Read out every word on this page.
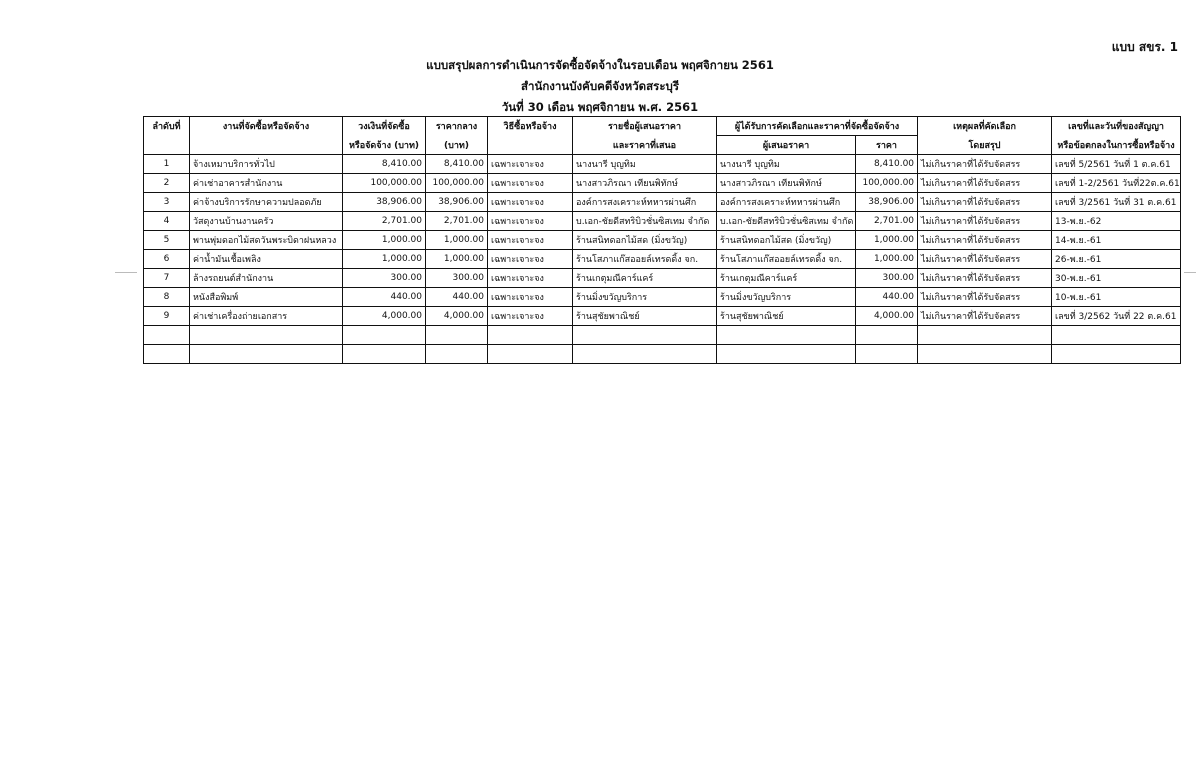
แบบ สขร. 1
แบบสรุปผลการดำเนินการจัดซื้อจัดจ้างในรอบเดือน พฤศจิกายน 2561
สำนักงานบังคับคดีจังหวัดสระบุรี
วันที่ 30 เดือน พฤศจิกายน พ.ศ. 2561
ลำดับที่	งานที่จัดซื้อหรือจัดจ้าง	วงเงินที่จัดซื้อ	ราคากลาง	วิธีซื้อหรือจ้าง	รายชื่อผู้เสนอราคา	ผู้ได้รับการคัดเลือกและราคาที่จัดซื้อจัดจ้าง		เหตุผลที่คัดเลือก	เลขที่และวันที่ของสัญญา
		หรือจัดจ้าง (บาท)	(บาท)		และราคาที่เสนอ	ผู้เสนอราคา	ราคา	โดยสรุป	หรือข้อตกลงในการซื้อหรือจ้าง
1	จ้างเหมาบริการทั่วไป	8,410.00	8,410.00	เฉพาะเจาะจง	นางนารี บุญทิม	นางนารี บุญทิม	8,410.00	ไม่เกินราคาที่ได้รับจัดสรร	เลขที่ 5/2561 วันที่ 1 ต.ค.61
2	ค่าเช่าอาคารสำนักงาน	100,000.00	100,000.00	เฉพาะเจาะจง	นางสาวภิรณา เทียนพิทักษ์	นางสาวภิรณา เทียนพิทักษ์	100,000.00	ไม่เกินราคาที่ได้รับจัดสรร	เลขที่ 1-2/2561 วันที่22ต.ค.61
3	ค่าจ้างบริการรักษาความปลอดภัย	38,906.00	38,906.00	เฉพาะเจาะจง	องค์การสงเคราะห์ทหารผ่านศึก	องค์การสงเคราะห์ทหารผ่านศึก	38,906.00	ไม่เกินราคาที่ได้รับจัดสรร	เลขที่ 3/2561 วันที่ 31 ต.ค.61
4	วัสดุงานบ้านงานครัว	2,701.00	2,701.00	เฉพาะเจาะจง	บ.เอก-ชัยดีสทริบิวชั่นซิสเทม จำกัด	บ.เอก-ชัยดีสทริบิวชั่นซิสเทม จำกัด	2,701.00	ไม่เกินราคาที่ได้รับจัดสรร	13-พ.ย.-62
5	พานพุ่มดอกไม้สดวันพระบิดาฝนหลวง	1,000.00	1,000.00	เฉพาะเจาะจง	ร้านสนิทดอกไม้สด (มิ่งขวัญ)	ร้านสนิทดอกไม้สด (มิ่งขวัญ)	1,000.00	ไม่เกินราคาที่ได้รับจัดสรร	14-พ.ย.-61
6	ค่าน้ำมันเชื้อเพลิง	1,000.00	1,000.00	เฉพาะเจาะจง	ร้านโสภาแก๊สออยล์เทรดดิ้ง จก.	ร้านโสภาแก๊สออยล์เทรดดิ้ง จก.	1,000.00	ไม่เกินราคาที่ได้รับจัดสรร	26-พ.ย.-61
7	ล้างรถยนต์สำนักงาน	300.00	300.00	เฉพาะเจาะจง	ร้านเกตุมณีคาร์แคร์	ร้านเกตุมณีคาร์แคร์	300.00	ไม่เกินราคาที่ได้รับจัดสรร	30-พ.ย.-61
8	หนังสือพิมพ์	440.00	440.00	เฉพาะเจาะจง	ร้านมิ่งขวัญบริการ	ร้านมิ่งขวัญบริการ	440.00	ไม่เกินราคาที่ได้รับจัดสรร	10-พ.ย.-61
9	ค่าเช่าเครื่องถ่ายเอกสาร	4,000.00	4,000.00	เฉพาะเจาะจง	ร้านสุชัยพาณิชย์	ร้านสุชัยพาณิชย์	4,000.00	ไม่เกินราคาที่ได้รับจัดสรร	เลขที่ 3/2562 วันที่ 22 ต.ค.61
